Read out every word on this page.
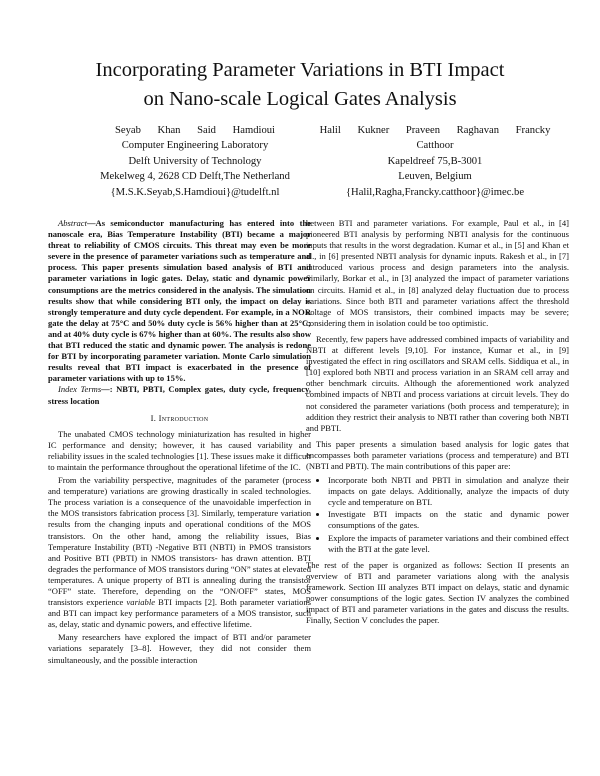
Incorporating Parameter Variations in BTI Impact
on Nano-scale Logical Gates Analysis
Seyab Khan Said Hamdioui
Computer Engineering Laboratory
Delft University of Technology
Mekelweg 4, 2628 CD Delft,The Netherland
{M.S.K.Seyab,S.Hamdioui}@tudelft.nl
Halil Kukner Praveen Raghavan Francky Catthoor
Kapeldreef 75,B-3001
Leuven, Belgium
{Halil,Ragha,Francky.catthoor}@imec.be

Abstract—As semiconductor manufacturing has entered into the nanoscale era, Bias Temperature Instability (BTI) became a major threat to reliability of CMOS circuits. This threat may even be more severe in the presence of parameter variations such as temperature and process. This paper presents simulation based analysis of BTI and parameter variations in logic gates. Delay, static and dynamic power consumptions are the metrics considered in the analysis. The simulation results show that while considering BTI only, the impact on delay is strongly temperature and duty cycle dependent. For example, in a NOR gate the delay at 75°C and 50% duty cycle is 56% higher than at 25°C; and at 40% duty cycle is 67% higher than at 60%. The results also show that BTI reduced the static and dynamic power. The analysis is redone for BTI by incorporating parameter variation. Monte Carlo simulation results reveal that BTI impact is exacerbated in the presence of parameter variations with up to 15%.

Index Terms—: NBTI, PBTI, Complex gates, duty cycle, frequency, stress location

I. Introduction

The unabated CMOS technology miniaturization has resulted in higher IC performance and density; however, it has caused variability and reliability issues in the scaled technologies [1]. These issues make it difficult to maintain the performance throughout the operational lifetime of the IC.

From the variability perspective, magnitudes of the parameter (process and temperature) variations are growing drastically in scaled technologies. The process variation is a consequence of the unavoidable imperfection in the MOS transistors fabrication process [3]. Similarly, temperature variation results from the changing inputs and operational conditions of the MOS transistors. On the other hand, among the reliability issues, Bias Temperature Instability (BTI) -Negative BTI (NBTI) in PMOS transistors and Positive BTI (PBTI) in NMOS transistors- has drawn attention. BTI degrades the performance of MOS transistors during “ON” states at elevated temperatures. A unique property of BTI is annealing during the transistor “OFF” state. Therefore, depending on the “ON/OFF” states, MOS transistors experience variable BTI impacts [2]. Both parameter variations and BTI can impact key performance parameters of a MOS transistor, such as, delay, static and dynamic powers, and effective lifetime.

Many researchers have explored the impact of BTI and/or parameter variations separately [3–8]. However, they did not consider them simultaneously, and the possible interaction

between BTI and parameter variations. For example, Paul et al., in [4] pioneered BTI analysis by performing NBTI analysis for the continuous inputs that results in the worst degradation. Kumar et al., in [5] and Khan et al., in [6] presented NBTI analysis for dynamic inputs. Rakesh et al., in [7] introduced various process and design parameters into the analysis. Similarly, Borkar et al., in [3] analyzed the impact of parameter variations on circuits. Hamid et al., in [8] analyzed delay fluctuation due to process variations. Since both BTI and parameter variations affect the threshold voltage of MOS transistors, their combined impacts may be severe; considering them in isolation could be too optimistic.

Recently, few papers have addressed combined impacts of variability and NBTI at different levels [9,10]. For instance, Kumar et al., in [9] investigated the effect in ring oscillators and SRAM cells. Siddiqua et al., in [10] explored both NBTI and process variation in an SRAM cell array and other benchmark circuits. Although the aforementioned work analyzed combined impacts of NBTI and process variations at circuit levels. They do not considered the parameter variations (both process and temperature); in addition they restrict their analysis to NBTI rather than covering both NBTI and PBTI.

This paper presents a simulation based analysis for logic gates that encompasses both parameter variations (process and temperature) and BTI (NBTI and PBTI). The main contributions of this paper are:

• Incorporate both NBTI and PBTI in simulation and analyze their impacts on gate delays. Additionally, analyze the impacts of duty cycle and temperature on BTI.
• Investigate BTI impacts on the static and dynamic power consumptions of the gates.
• Explore the impacts of parameter variations and their combined effect with the BTI at the gate level.

The rest of the paper is organized as follows: Section II presents an overview of BTI and parameter variations along with the analysis framework. Section III analyzes BTI impact on delays, static and dynamic power consumptions of the logic gates. Section IV analyzes the combined impact of BTI and parameter variations in the gates and discuss the results. Finally, Section V concludes the paper.
